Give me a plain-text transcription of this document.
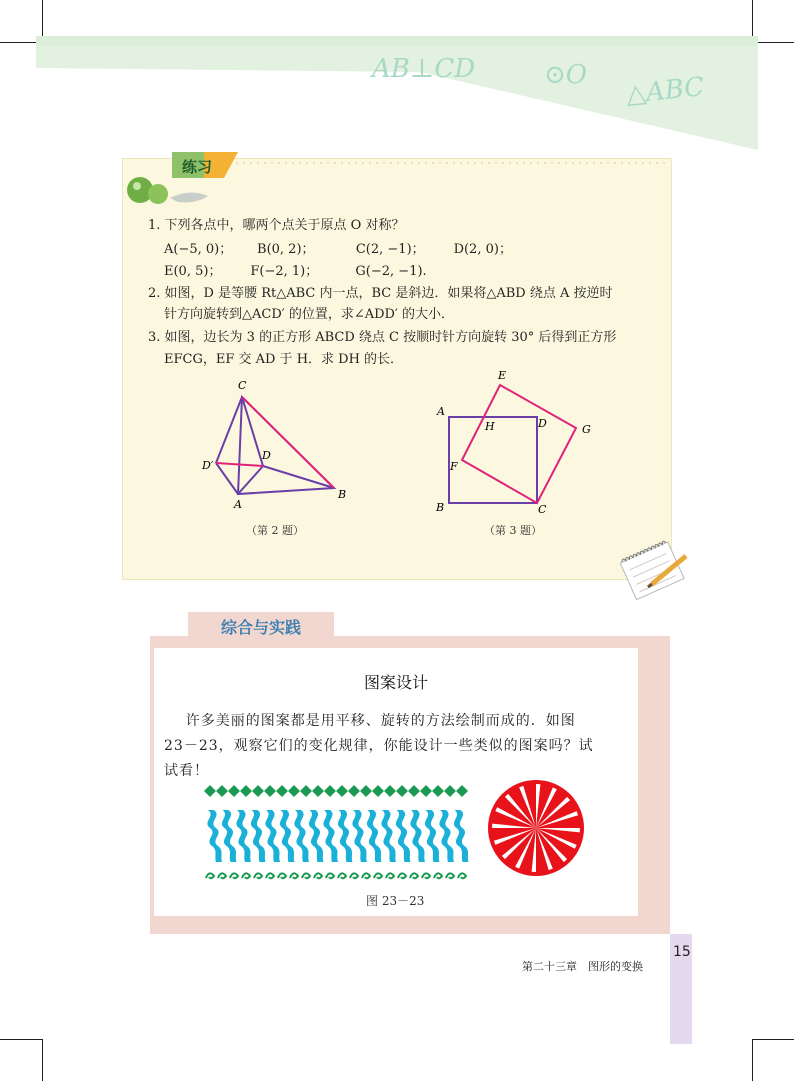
AB⊥CD	⊙O △ABC
练习
1. 下列各点中，哪两个点关于原点 O 对称？
A(−5, 0)；      B(0, 2)；          C(2, −1)；       D(2, 0)；
E(0, 5)；       F(−2, 1)；         G(−2, −1).
2. 如图，D 是等腰 Rt△ABC 内一点，BC 是斜边．如果将△ABD 绕点 A 按逆时
针方向旋转到△ACD′ 的位置，求∠ADD′ 的大小．
3. 如图，边长为 3 的正方形 ABCD 绕点 C 按顺时针方向旋转 30° 后得到正方形
EFCG，EF 交 AD 于 H．求 DH 的长．
C
D
D′
A
B
（第 2 题）
E
A
H	D	G
F
B	C
（第 3 题）
综合与实践
图案设计
许多美丽的图案都是用平移、旋转的方法绘制而成的．如图
23－23，观察它们的变化规律，你能设计一些类似的图案吗？试
试看！
图 23－23
第二十三章　图形的变换
15
